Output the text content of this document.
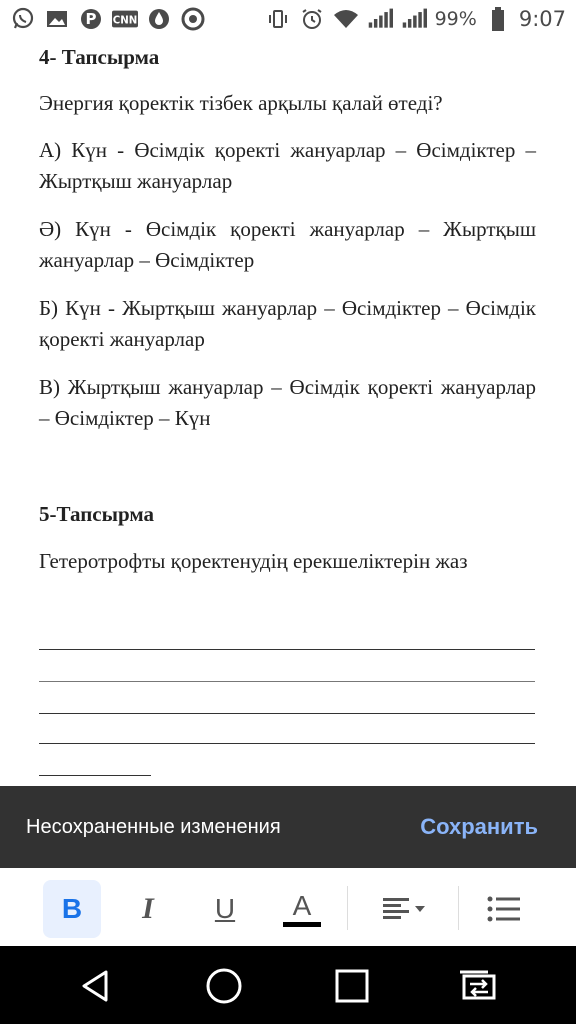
P CNN	99% 9:07
4- Тапсырма
Энергия қоректік тізбек арқылы қалай өтеді?
А) Күн - Өсімдік қоректі жануарлар – Өсімдіктер – Жыртқыш жануарлар
Ә) Күн - Өсімдік қоректі жануарлар – Жыртқыш жануарлар – Өсімдіктер
Б) Күн - Жыртқыш жануарлар – Өсімдіктер – Өсімдік қоректі жануарлар
В) Жыртқыш жануарлар – Өсімдік қоректі жануарлар – Өсімдіктер – Күн
5-Тапсырма
Гетеротрофты қоректенудің ерекшеліктерін жаз
Несохраненные изменения	Сохранить
B I U A
